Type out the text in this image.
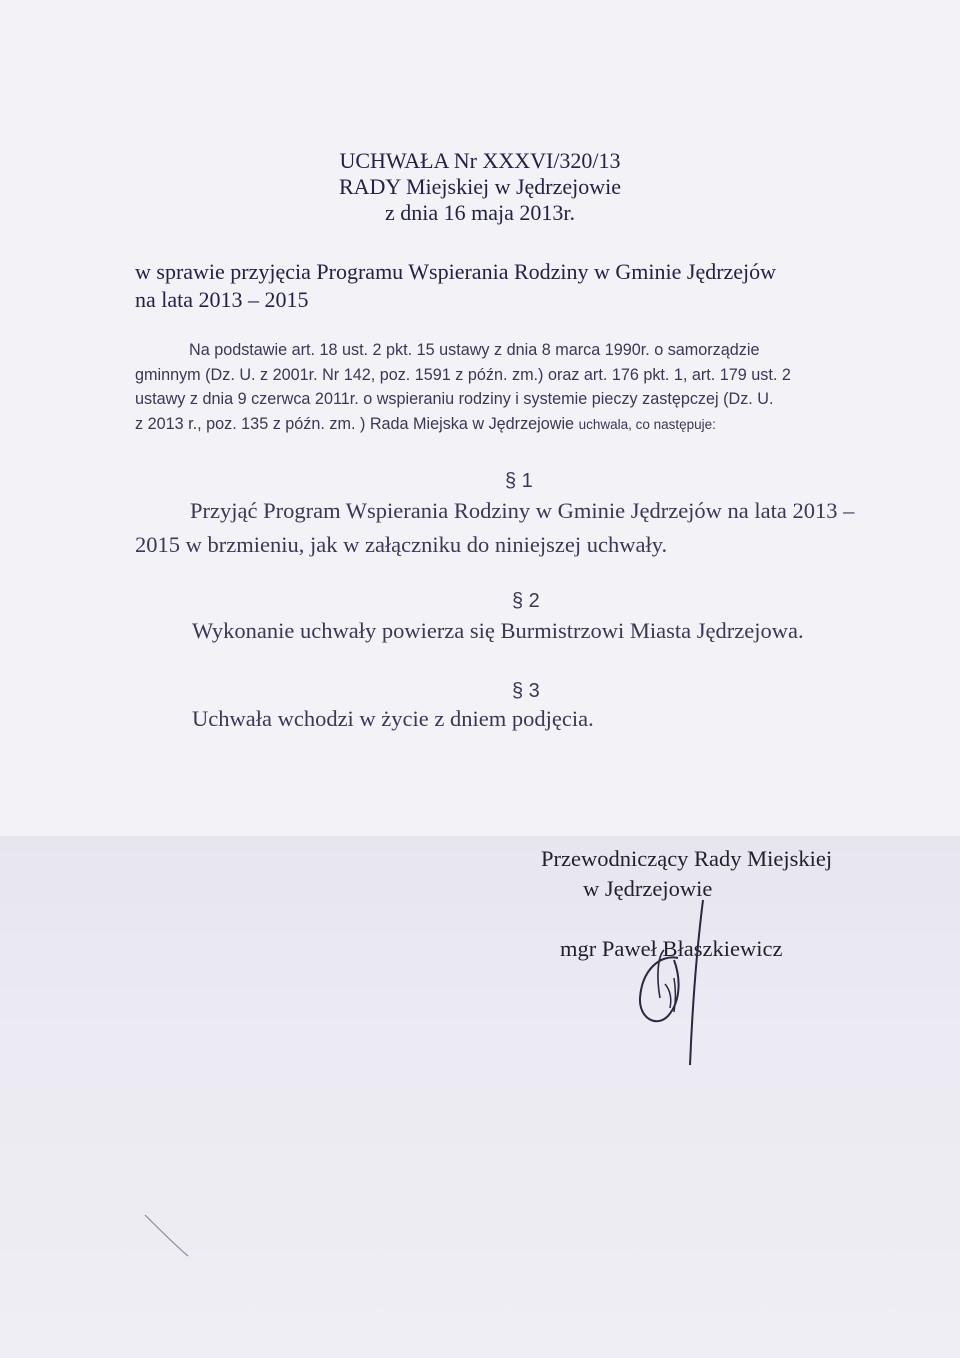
UCHWAŁA Nr XXXVI/320/13
RADY Miejskiej w Jędrzejowie
z dnia 16 maja 2013r.
w sprawie przyjęcia Programu Wspierania Rodziny w Gminie Jędrzejów
na lata 2013 – 2015

Na podstawie art. 18 ust. 2 pkt. 15 ustawy z dnia 8 marca 1990r. o samorządzie

gminnym (Dz. U. z 2001r. Nr 142, poz. 1591 z późn. zm.) oraz art. 176 pkt. 1, art. 179 ust. 2

ustawy z dnia 9 czerwca 2011r. o wspieraniu rodziny i systemie pieczy zastępczej (Dz. U.

z 2013 r., poz. 135 z późn. zm. ) Rada Miejska w Jędrzejowie uchwala, co następuje:

§ 1
Przyjąć Program Wspierania Rodziny w Gminie Jędrzejów na lata 2013 –
2015 w brzmieniu, jak w załączniku do niniejszej uchwały.
§ 2
Wykonanie uchwały powierza się Burmistrzowi Miasta Jędrzejowa.
§ 3
Uchwała wchodzi w życie z dniem podjęcia.
Przewodniczący Rady Miejskiej
w Jędrzejowie
mgr Paweł Błaszkiewicz
